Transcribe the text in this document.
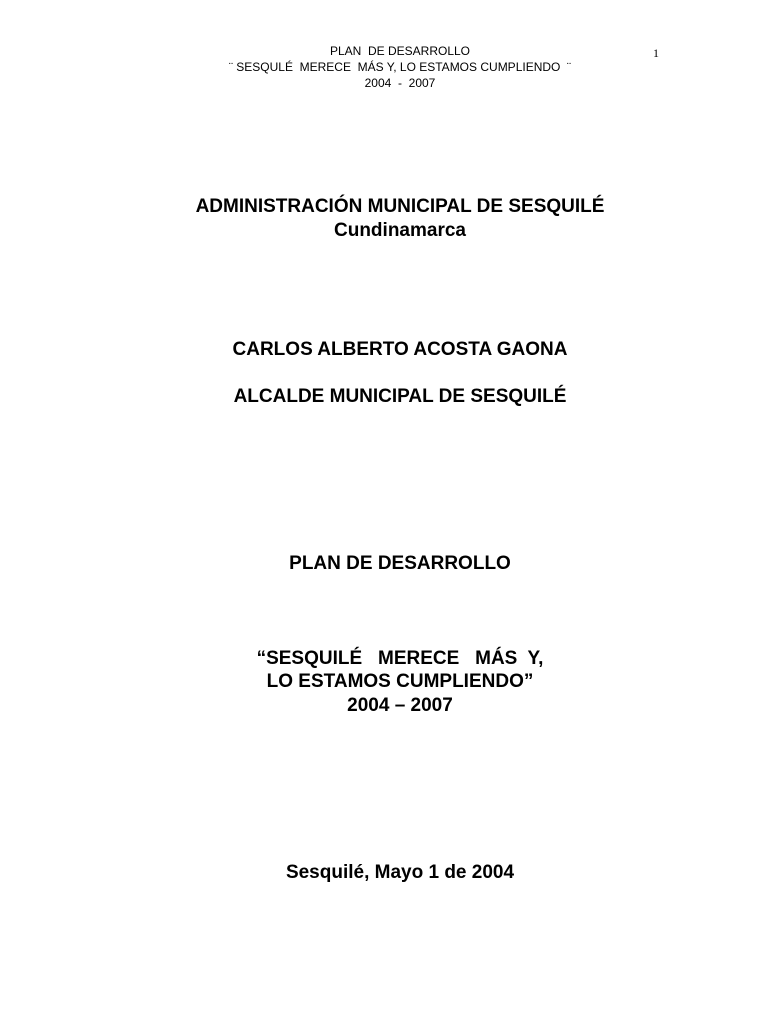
PLAN  DE DESARROLLO
¨ SESQULÉ  MERECE  MÁS Y, LO ESTAMOS CUMPLIENDO  ¨
2004  -  2007
1
ADMINISTRACIÓN MUNICIPAL DE SESQUILÉ
Cundinamarca
CARLOS ALBERTO ACOSTA GAONA
ALCALDE MUNICIPAL DE SESQUILÉ
PLAN DE DESARROLLO
“SESQUILÉ   MERECE   MÁS  Y,
LO ESTAMOS CUMPLIENDO”
2004 – 2007
Sesquilé, Mayo 1 de 2004
